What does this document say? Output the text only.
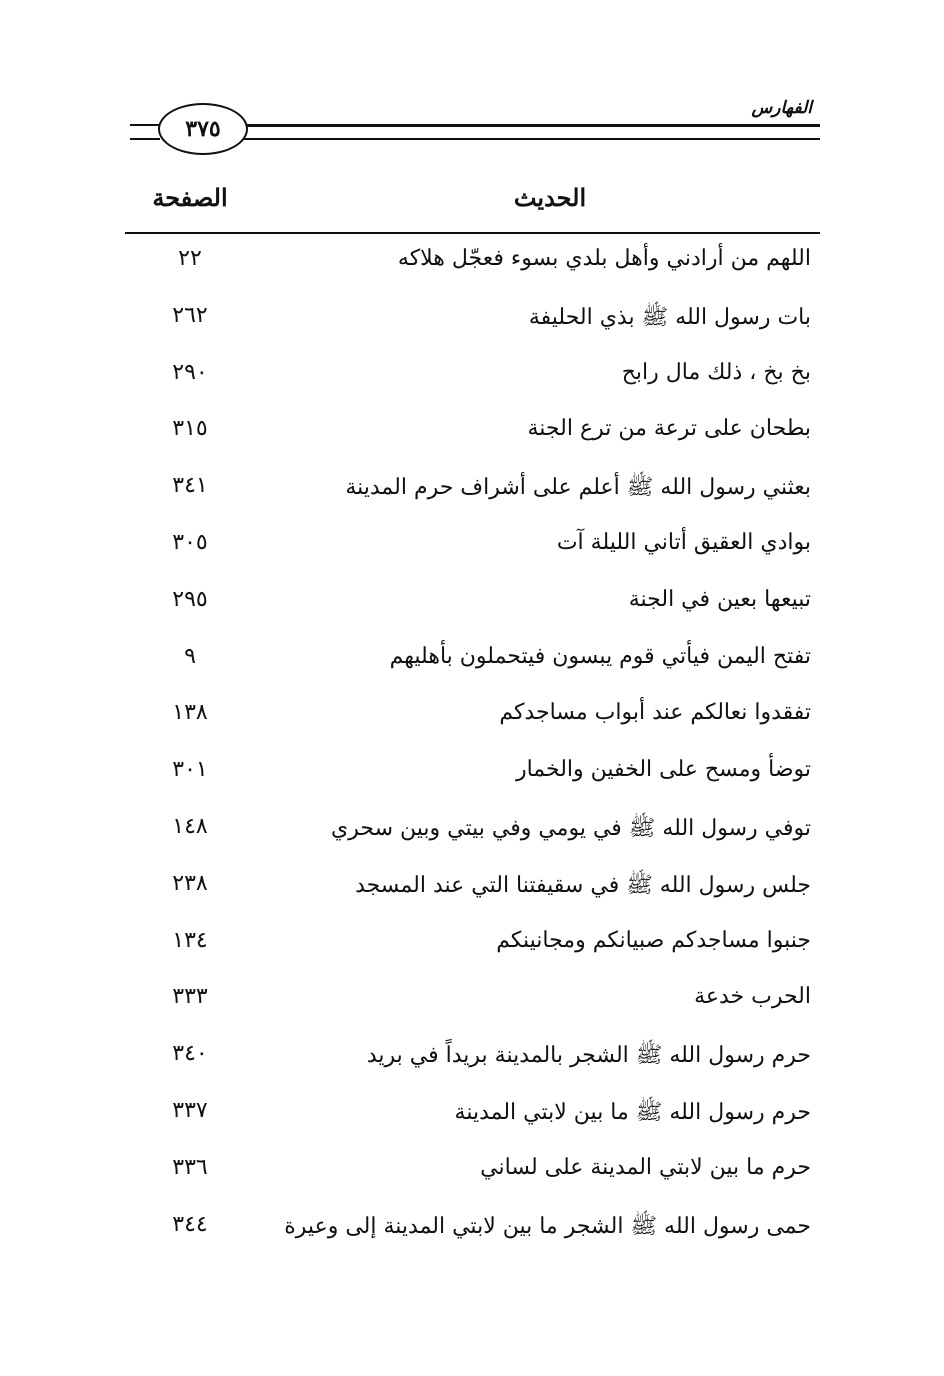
الفهارس
٣٧٥
الحديث
الصفحة
اللهم من أرادني وأهل بلدي بسوء فعجّل هلاكه
٢٢
بات رسول الله ﷺ بذي الحليفة
٢٦٢
بخ بخ ، ذلك مال رابح
٢٩٠
بطحان على ترعة من ترع الجنة
٣١٥
بعثني رسول الله ﷺ أعلم على أشراف حرم المدينة
٣٤١
بوادي العقيق أتاني الليلة آت
٣٠٥
تبيعها بعين في الجنة
٢٩٥
تفتح اليمن فيأتي قوم يبسون فيتحملون بأهليهم
٩
تفقدوا نعالكم عند أبواب مساجدكم
١٣٨
توضأ ومسح على الخفين والخمار
٣٠١
توفي رسول الله ﷺ في يومي وفي بيتي وبين سحري
١٤٨
جلس رسول الله ﷺ في سقيفتنا التي عند المسجد
٢٣٨
جنبوا مساجدكم صبيانكم ومجانينكم
١٣٤
الحرب خدعة
٣٣٣
حرم رسول الله ﷺ الشجر بالمدينة بريداً في بريد
٣٤٠
حرم رسول الله ﷺ ما بين لابتي المدينة
٣٣٧
حرم ما بين لابتي المدينة على لساني
٣٣٦
حمى رسول الله ﷺ الشجر ما بين لابتي المدينة إلى وعيرة
٣٤٤
